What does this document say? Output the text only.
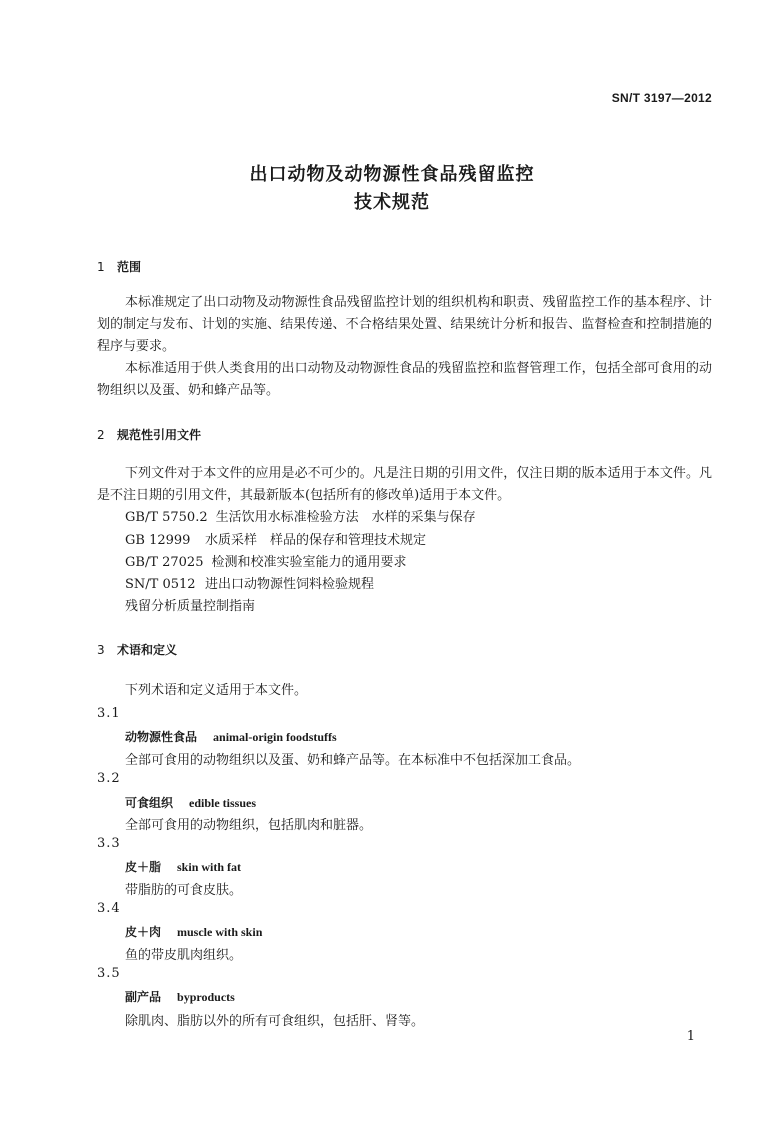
SN/T 3197—2012
出口动物及动物源性食品残留监控
技术规范
1 范围
本标准规定了出口动物及动物源性食品残留监控计划的组织机构和职责、残留监控工作的基本程序、计划的制定与发布、计划的实施、结果传递、不合格结果处置、结果统计分析和报告、监督检查和控制措施的程序与要求。
本标准适用于供人类食用的出口动物及动物源性食品的残留监控和监督管理工作，包括全部可食用的动物组织以及蛋、奶和蜂产品等。
2 规范性引用文件
下列文件对于本文件的应用是必不可少的。凡是注日期的引用文件，仅注日期的版本适用于本文件。凡是不注日期的引用文件，其最新版本(包括所有的修改单)适用于本文件。
GB/T 5750.2 生活饮用水标准检验方法　水样的采集与保存
GB 12999 水质采样　样品的保存和管理技术规定
GB/T 27025 检测和校准实验室能力的通用要求
SN/T 0512 进出口动物源性饲料检验规程
残留分析质量控制指南
3 术语和定义
下列术语和定义适用于本文件。
3.1
动物源性食品 animal-origin foodstuffs
全部可食用的动物组织以及蛋、奶和蜂产品等。在本标准中不包括深加工食品。
3.2
可食组织 edible tissues
全部可食用的动物组织，包括肌肉和脏器。
3.3
皮＋脂 skin with fat
带脂肪的可食皮肤。
3.4
皮＋肉 muscle with skin
鱼的带皮肌肉组织。
3.5
副产品 byproducts
除肌肉、脂肪以外的所有可食组织，包括肝、肾等。
1
